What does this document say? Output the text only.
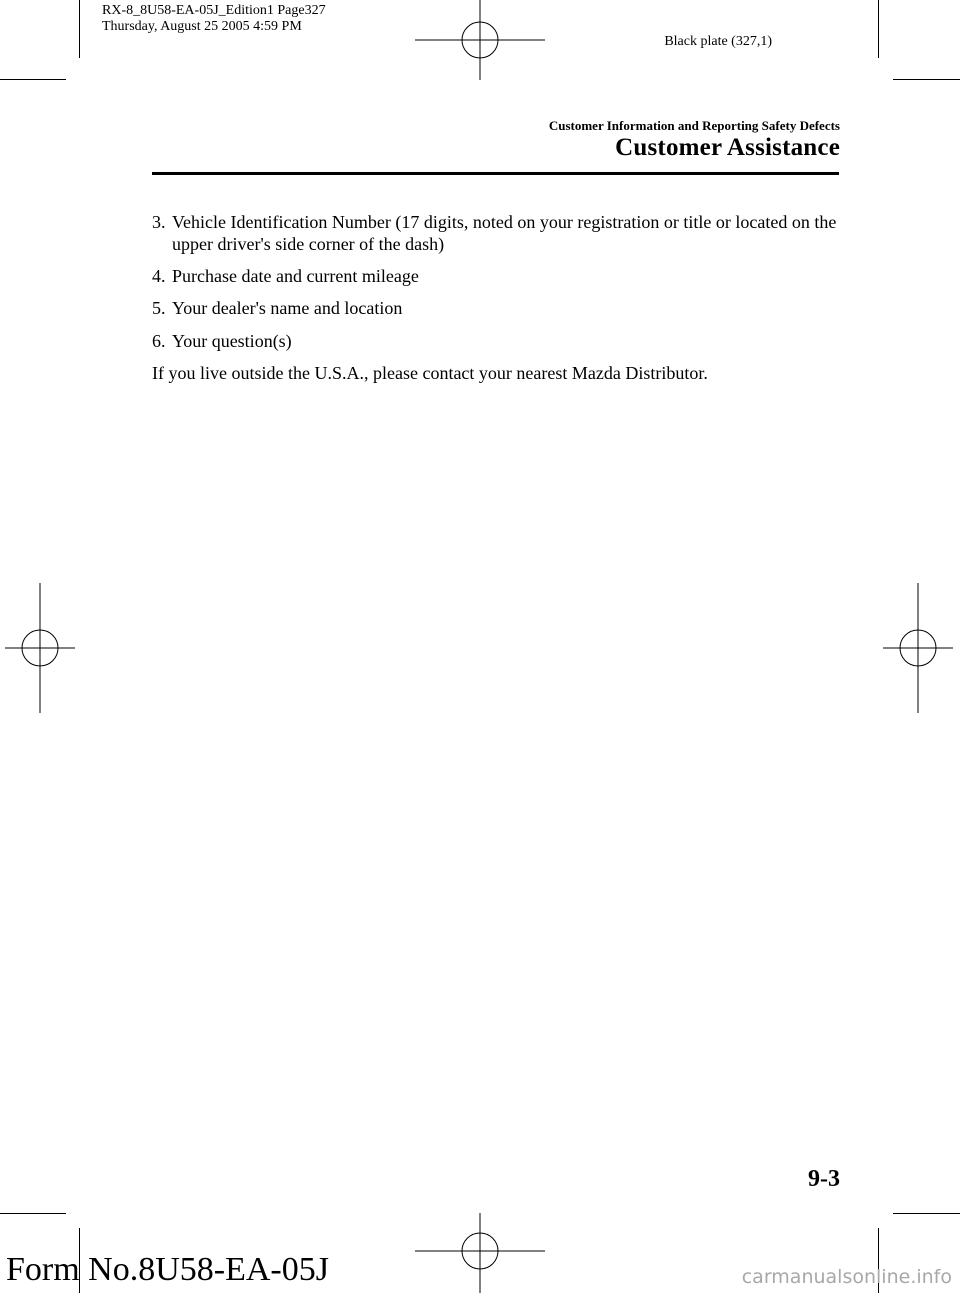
RX-8_8U58-EA-05J_Edition1 Page327
Thursday, August 25 2005 4:59 PM
Black plate (327,1)
Customer Information and Reporting Safety Defects
Customer Assistance
3. Vehicle Identification Number (17 digits, noted on your registration or title or located on the upper driver's side corner of the dash)
4. Purchase date and current mileage
5. Your dealer's name and location
6. Your question(s)
If you live outside the U.S.A., please contact your nearest Mazda Distributor.
9-3
Form No.8U58-EA-05J	carmanualsonline.info
